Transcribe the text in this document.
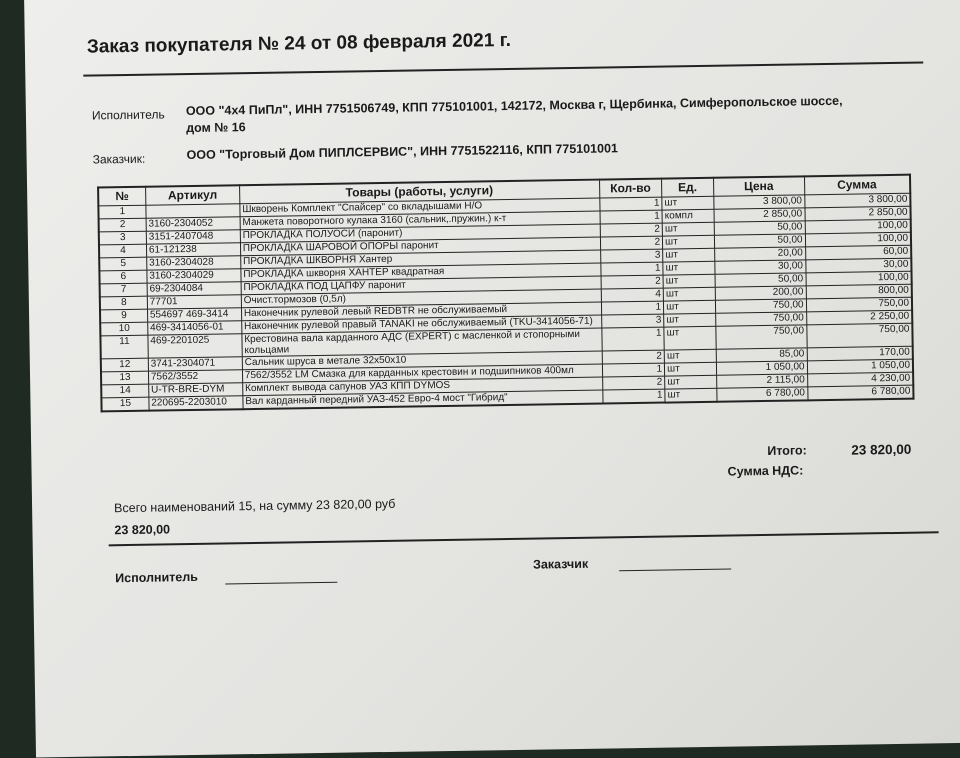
Заказ покупателя № 24 от 08 февраля 2021 г.
Исполнитель ООО "4х4 ПиПл", ИНН 7751506749, КПП 775101001, 142172, Москва г, Щербинка, Симферопольское шоссе, дом № 16
Заказчик:	ООО "Торговый Дом ПИПЛСЕРВИС", ИНН 7751522116, КПП 775101001
№	Артикул	Товары (работы, услуги)	Кол-во	Ед.	Цена	Сумма
1		Шкворень Комплект "Спайсер" со вкладышами Н/О	1	шт	3 800,00	3 800,00
2	3160-2304052	Манжета поворотного кулака 3160 (сальник,.пружин.) к-т	1	компл	2 850,00	2 850,00
3	3151-2407048	ПРОКЛАДКА ПОЛУОСИ (паронит)	2	шт	50,00	100,00
4	61-121238	ПРОКЛАДКА ШАРОВОЙ ОПОРЫ паронит	2	шт	50,00	100,00
5	3160-2304028	ПРОКЛАДКА ШКВОРНЯ Хантер	3	шт	20,00	60,00
6	3160-2304029	ПРОКЛАДКА шкворня ХАНТЕР квадратная	1	шт	30,00	30,00
7	69-2304084	ПРОКЛАДКА ПОД ЦАПФУ паронит	2	шт	50,00	100,00
8	77701	Очист.тормозов (0,5л)	4	шт	200,00	800,00
9	554697 469-3414	Наконечник рулевой левый REDBTR не обслуживаемый	1	шт	750,00	750,00
10	469-3414056-01	Наконечник рулевой правый TANAKI не обслуживаемый (TKU-3414056-71)	3	шт	750,00	2 250,00
11	469-2201025	Крестовина вала карданного АДС (EXPERT) с масленкой и стопорными кольцами	1	шт	750,00	750,00
12	3741-2304071	Сальник шруса в метале 32х50х10	2	шт	85,00	170,00
13	7562/3552	7562/3552 LM Смазка для карданных крестовин и подшипников 400мл	1	шт	1 050,00	1 050,00
14	U-TR-BRE-DYM	Комплект вывода сапунов УАЗ КПП DYMOS	2	шт	2 115,00	4 230,00
15	220695-2203010	Вал карданный передний УАЗ-452 Евро-4 мост "Гибрид"	1	шт	6 780,00	6 780,00
Итого:	23 820,00
Сумма НДС:
Всего наименований 15, на сумму 23 820,00 руб
23 820,00
Исполнитель
Заказчик
